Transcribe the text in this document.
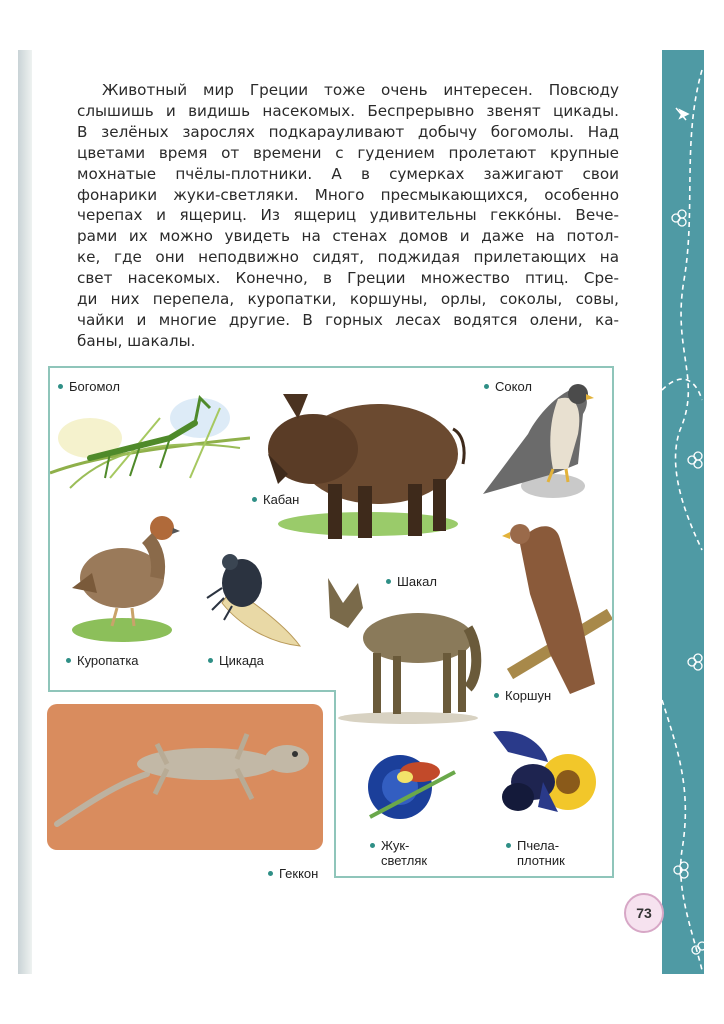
Животный мир Греции тоже очень интересен. Повсюду
слышишь и видишь насекомых. Беспрерывно звенят цикады.
В зелёных зарослях подкарауливают добычу богомолы. Над
цветами время от времени с гудением пролетают крупные
мохнатые пчёлы-плотники. А в сумерках зажигают свои
фонарики жуки-светляки. Много пресмыкающихся, особенно
черепах и ящериц. Из ящериц удивительны гекко́ны. Вече-
рами их можно увидеть на стенах домов и даже на потол-
ке, где они неподвижно сидят, поджидая прилетающих на
свет насекомых. Конечно, в Греции множество птиц. Сре-
ди них перепела, куропатки, коршуны, орлы, соколы, совы,
чайки и многие другие. В горных лесах водятся олени, ка-
баны, шакалы.
Богомол
Кабан
Сокол
Куропатка	Цикада
Шакал
Коршун
Геккон
Жук-
светляк
Пчела-
плотник
73
